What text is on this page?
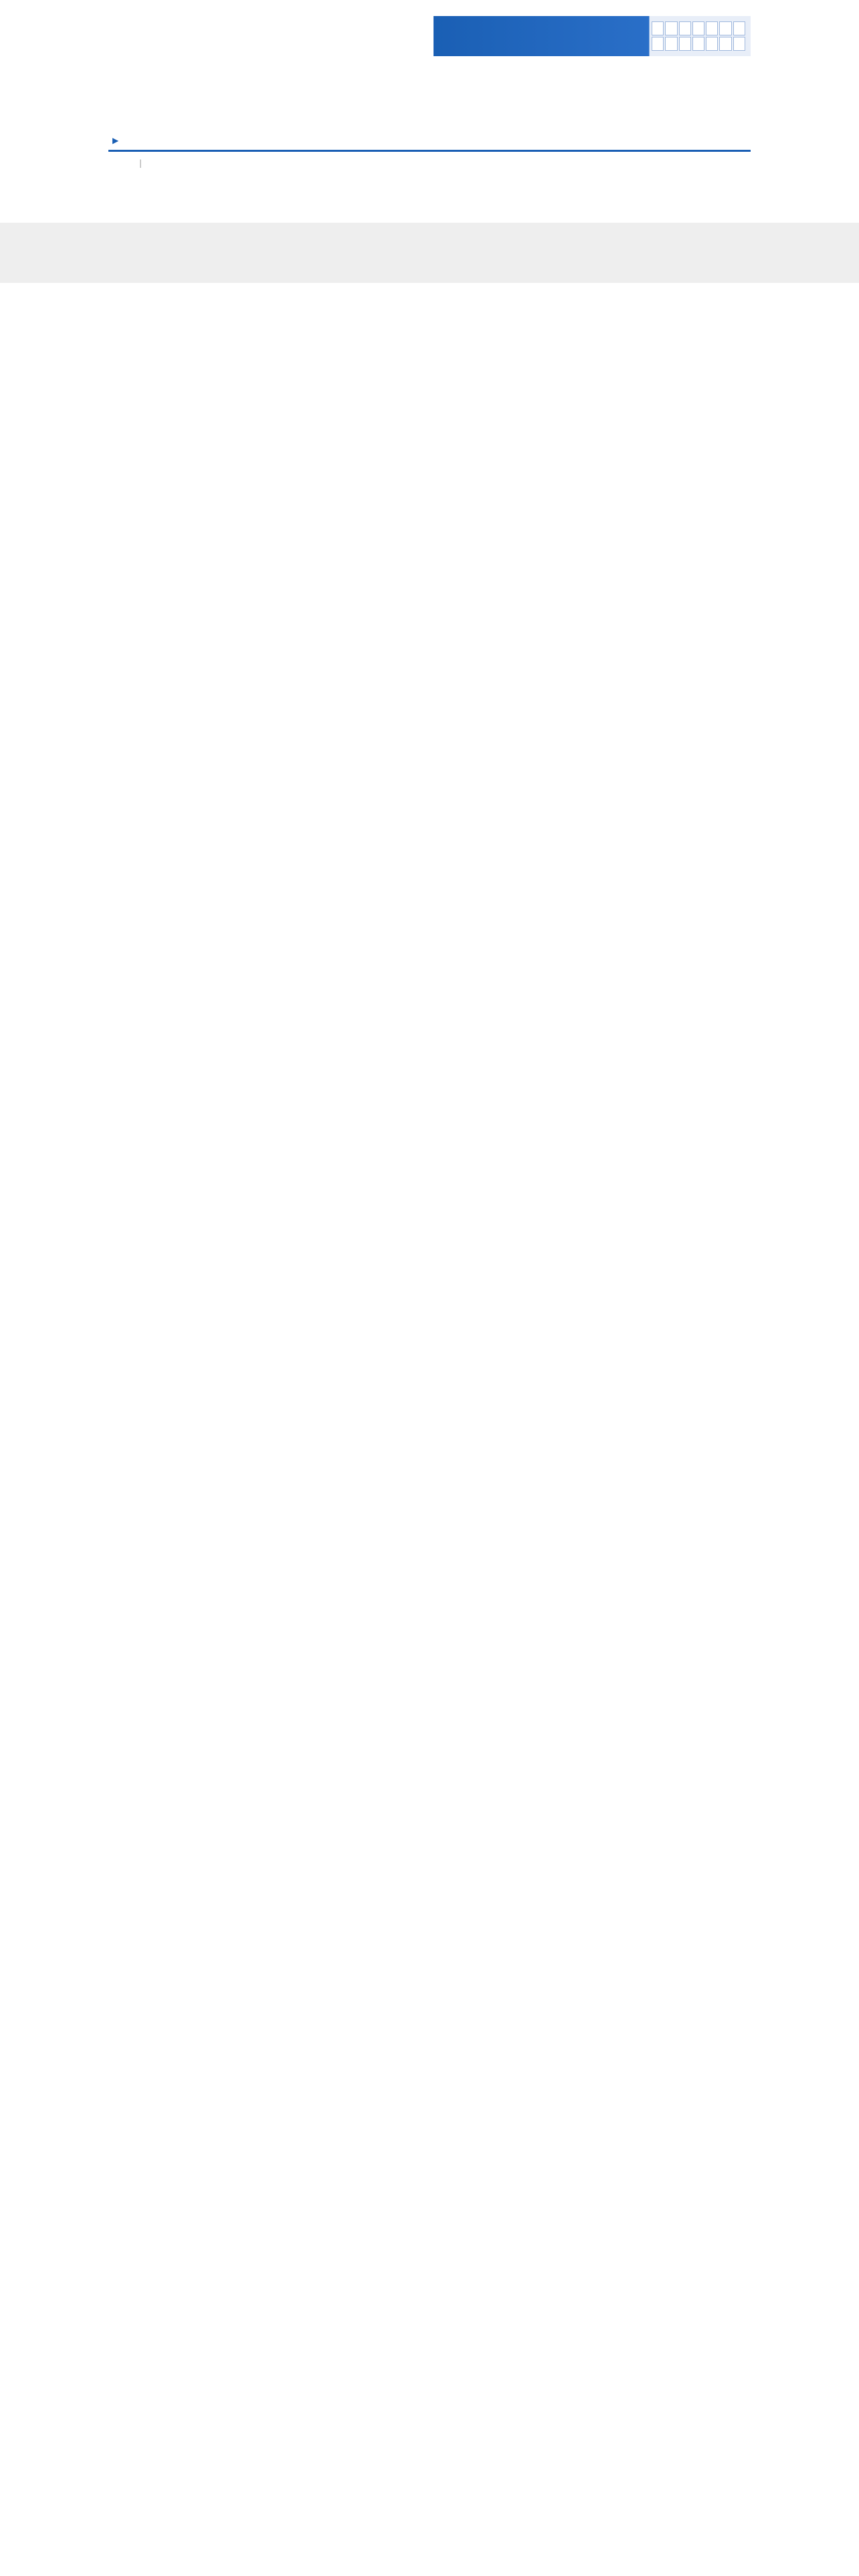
▶
|
